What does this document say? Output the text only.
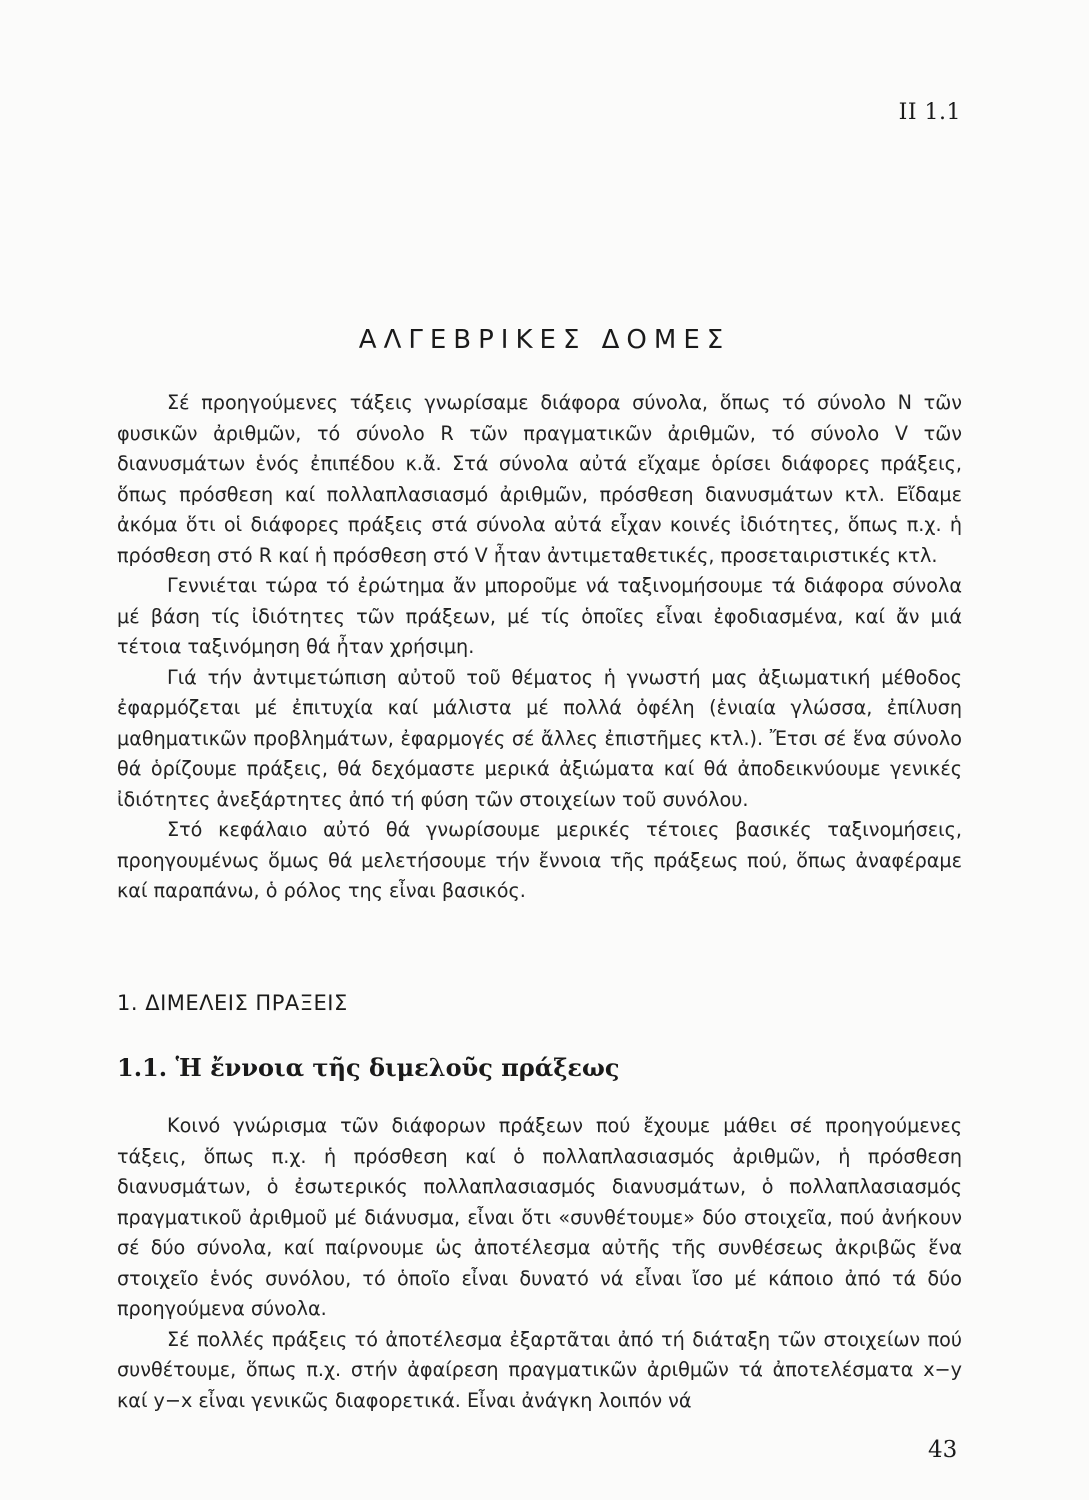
II 1.1
ΑΛΓΕΒΡΙΚΕΣ ΔΟΜΕΣ

Σέ προηγούμενες τάξεις γνωρίσαμε διάφορα σύνολα, ὅπως τό σύνολο N τῶν φυσικῶν ἀριθμῶν, τό σύνολο R τῶν πραγματικῶν ἀριθμῶν, τό σύνολο V τῶν διανυσμάτων ἑνός ἐπιπέδου κ.ἄ. Στά σύνολα αὐτά εἴχαμε ὁρίσει διάφορες πράξεις, ὅπως πρόσθεση καί πολλαπλασιασμό ἀριθμῶν, πρόσθεση διανυσμάτων κτλ. Εἴδαμε ἀκόμα ὅτι οἱ διάφορες πράξεις στά σύνολα αὐτά εἶχαν κοινές ἰδιότητες, ὅπως π.χ. ἡ πρόσθεση στό R καί ἡ πρόσθεση στό V ἦταν ἀντιμεταθετικές, προσεταιριστικές κτλ.

Γεννιέται τώρα τό ἐρώτημα ἄν μποροῦμε νά ταξινομήσουμε τά διάφορα σύνολα μέ βάση τίς ἰδιότητες τῶν πράξεων, μέ τίς ὁποῖες εἶναι ἐφοδιασμένα, καί ἄν μιά τέτοια ταξινόμηση θά ἦταν χρήσιμη.

Γιά τήν ἀντιμετώπιση αὐτοῦ τοῦ θέματος ἡ γνωστή μας ἀξιωματική μέθοδος ἐφαρμόζεται μέ ἐπιτυχία καί μάλιστα μέ πολλά ὀφέλη (ἑνιαία γλώσσα, ἐπίλυση μαθηματικῶν προβλημάτων, ἐφαρμογές σέ ἄλλες ἐπιστῆμες κτλ.). Ἔτσι σέ ἕνα σύνολο θά ὁρίζουμε πράξεις, θά δεχόμαστε μερικά ἀξιώματα καί θά ἀποδεικνύουμε γενικές ἰδιότητες ἀνεξάρτητες ἀπό τή φύση τῶν στοιχείων τοῦ συνόλου.

Στό κεφάλαιο αὐτό θά γνωρίσουμε μερικές τέτοιες βασικές ταξινομήσεις, προηγουμένως ὅμως θά μελετήσουμε τήν ἔννοια τῆς πράξεως πού, ὅπως ἀναφέραμε καί παραπάνω, ὁ ρόλος της εἶναι βασικός.

1. ΔΙΜΕΛΕΙΣ ΠΡΑΞΕΙΣ
1.1. Ἡ ἔννοια τῆς διμελοῦς πράξεως

Κοινό γνώρισμα τῶν διάφορων πράξεων πού ἔχουμε μάθει σέ προηγούμενες τάξεις, ὅπως π.χ. ἡ πρόσθεση καί ὁ πολλαπλασιασμός ἀριθμῶν, ἡ πρόσθεση διανυσμάτων, ὁ ἐσωτερικός πολλαπλασιασμός διανυσμάτων, ὁ πολλαπλασιασμός πραγματικοῦ ἀριθμοῦ μέ διάνυσμα, εἶναι ὅτι «συνθέτουμε» δύο στοιχεῖα, πού ἀνήκουν σέ δύο σύνολα, καί παίρνουμε ὡς ἀποτέλεσμα αὐτῆς τῆς συνθέσεως ἀκριβῶς ἕνα στοιχεῖο ἑνός συνόλου, τό ὁποῖο εἶναι δυνατό νά εἶναι ἴσο μέ κάποιο ἀπό τά δύο προηγούμενα σύνολα.

Σέ πολλές πράξεις τό ἀποτέλεσμα ἐξαρτᾶται ἀπό τή διάταξη τῶν στοιχείων πού συνθέτουμε, ὅπως π.χ. στήν ἀφαίρεση πραγματικῶν ἀριθμῶν τά ἀποτελέσματα x−y καί y−x εἶναι γενικῶς διαφορετικά. Εἶναι ἀνάγκη λοιπόν νά

43
